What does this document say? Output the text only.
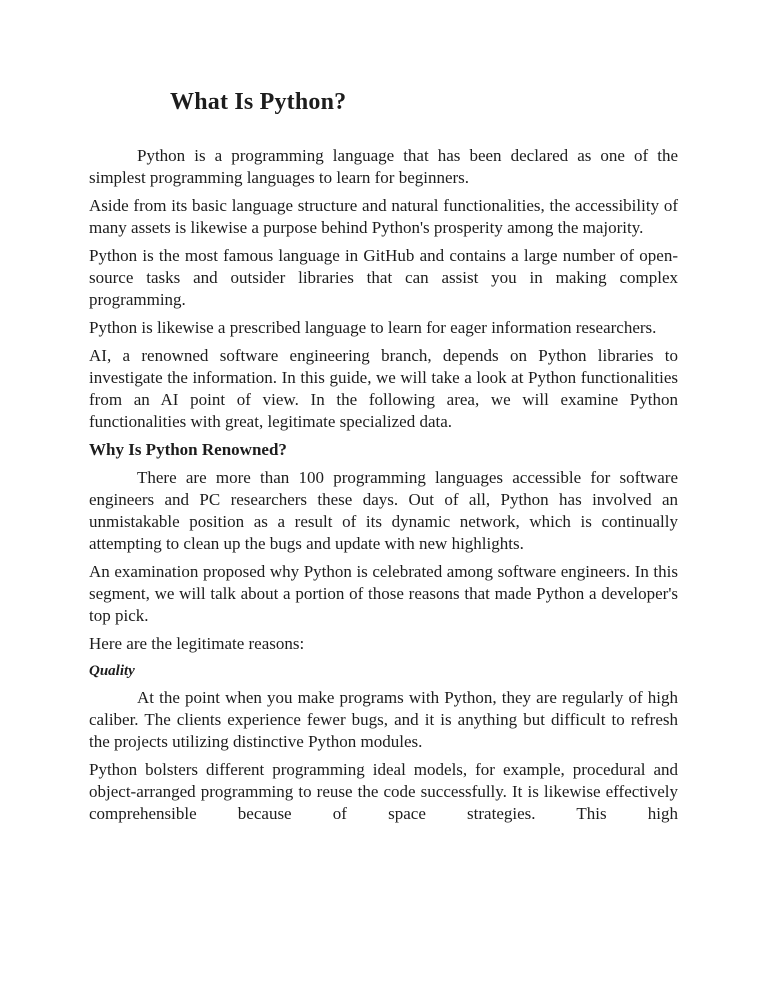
What Is Python?

Python is a programming language that has been declared as one of the simplest programming languages to learn for beginners.

Aside from its basic language structure and natural functionalities, the accessibility of many assets is likewise a purpose behind Python's prosperity among the majority.

Python is the most famous language in GitHub and contains a large number of open-source tasks and outsider libraries that can assist you in making complex programming.

Python is likewise a prescribed language to learn for eager information researchers.

AI, a renowned software engineering branch, depends on Python libraries to investigate the information. In this guide, we will take a look at Python functionalities from an AI point of view. In the following area, we will examine Python functionalities with great, legitimate specialized data.

Why Is Python Renowned?

There are more than 100 programming languages accessible for software engineers and PC researchers these days. Out of all, Python has involved an unmistakable position as a result of its dynamic network, which is continually attempting to clean up the bugs and update with new highlights.

An examination proposed why Python is celebrated among software engineers. In this segment, we will talk about a portion of those reasons that made Python a developer's top pick.

Here are the legitimate reasons:

Quality

At the point when you make programs with Python, they are regularly of high caliber. The clients experience fewer bugs, and it is anything but difficult to refresh the projects utilizing distinctive Python modules.

Python bolsters different programming ideal models, for example, procedural and object-arranged programming to reuse the code successfully. It is likewise effectively comprehensible because of space strategies. This high
